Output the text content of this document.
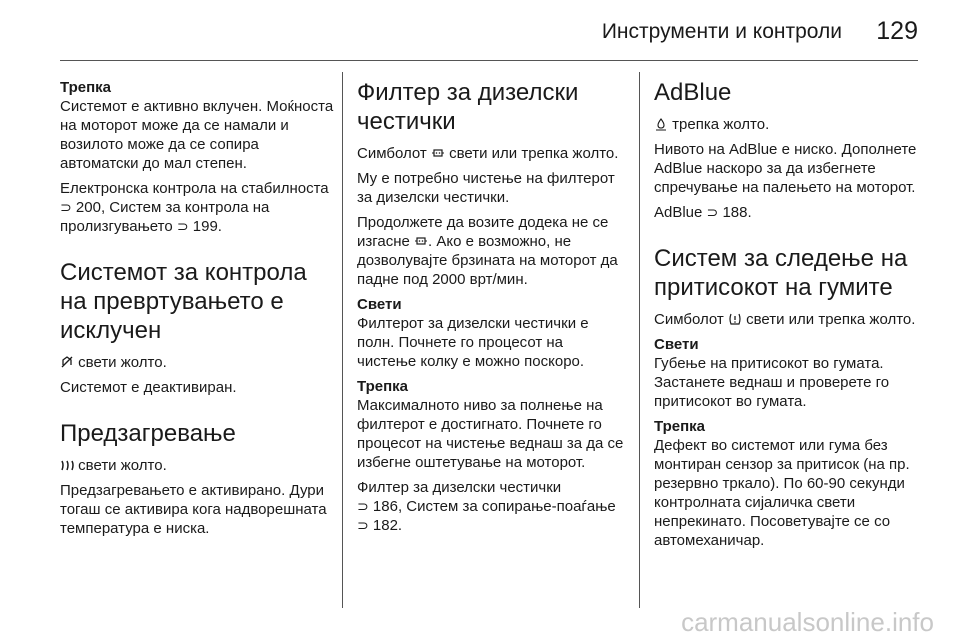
Инструменти и контроли 129
Трепка

Системот е активно вклучен. Моќноста на моторот може да се намали и возилото може да се сопира автоматски до мал степен.

Електронска контрола на стабилноста ⊃ 200, Систем за контрола на пролизгувањето ⊃ 199.

Системот за контрола на превртувањето е исклучен

свети жолто.

Системот е деактивиран.

Предзагревање

свети жолто.

Предзагревањето е активирано. Дури тогаш се активира кога надворешната температура е ниска.

Филтер за дизелски честички

Симболот свети или трепка жолто.

Му е потребно чистење на филтерот за дизелски честички.

Продолжете да возите додека не се изгасне . Ако е возможно, не дозволувајте брзината на моторот да падне под 2000 врт/мин.

Свети

Филтерот за дизелски честички е полн. Почнете го процесот на чистење колку е можно поскоро.

Трепка

Максималното ниво за полнење на филтерот е достигнато. Почнете го процесот на чистење веднаш за да се избегне оштетување на моторот.

Филтер за дизелски честички
⊃ 186, Систем за сопирање-поаѓање ⊃ 182.

AdBlue

трепка жолто.

Нивото на AdBlue е ниско. Дополнете AdBlue наскоро за да избегнете спречување на палењето на моторот.

AdBlue ⊃ 188.

Систем за следење на притисокот на гумите

Симболот свети или трепка жолто.

Свети

Губење на притисокот во гумата. Застанете веднаш и проверете го притисокот во гумата.

Трепка

Дефект во системот или гума без монтиран сензор за притисок (на пр. резервно тркало). По 60-90 секунди контролната сијаличка свети непрекинато. Посоветувајте се со автомеханичар.

carmanualsonline.info
